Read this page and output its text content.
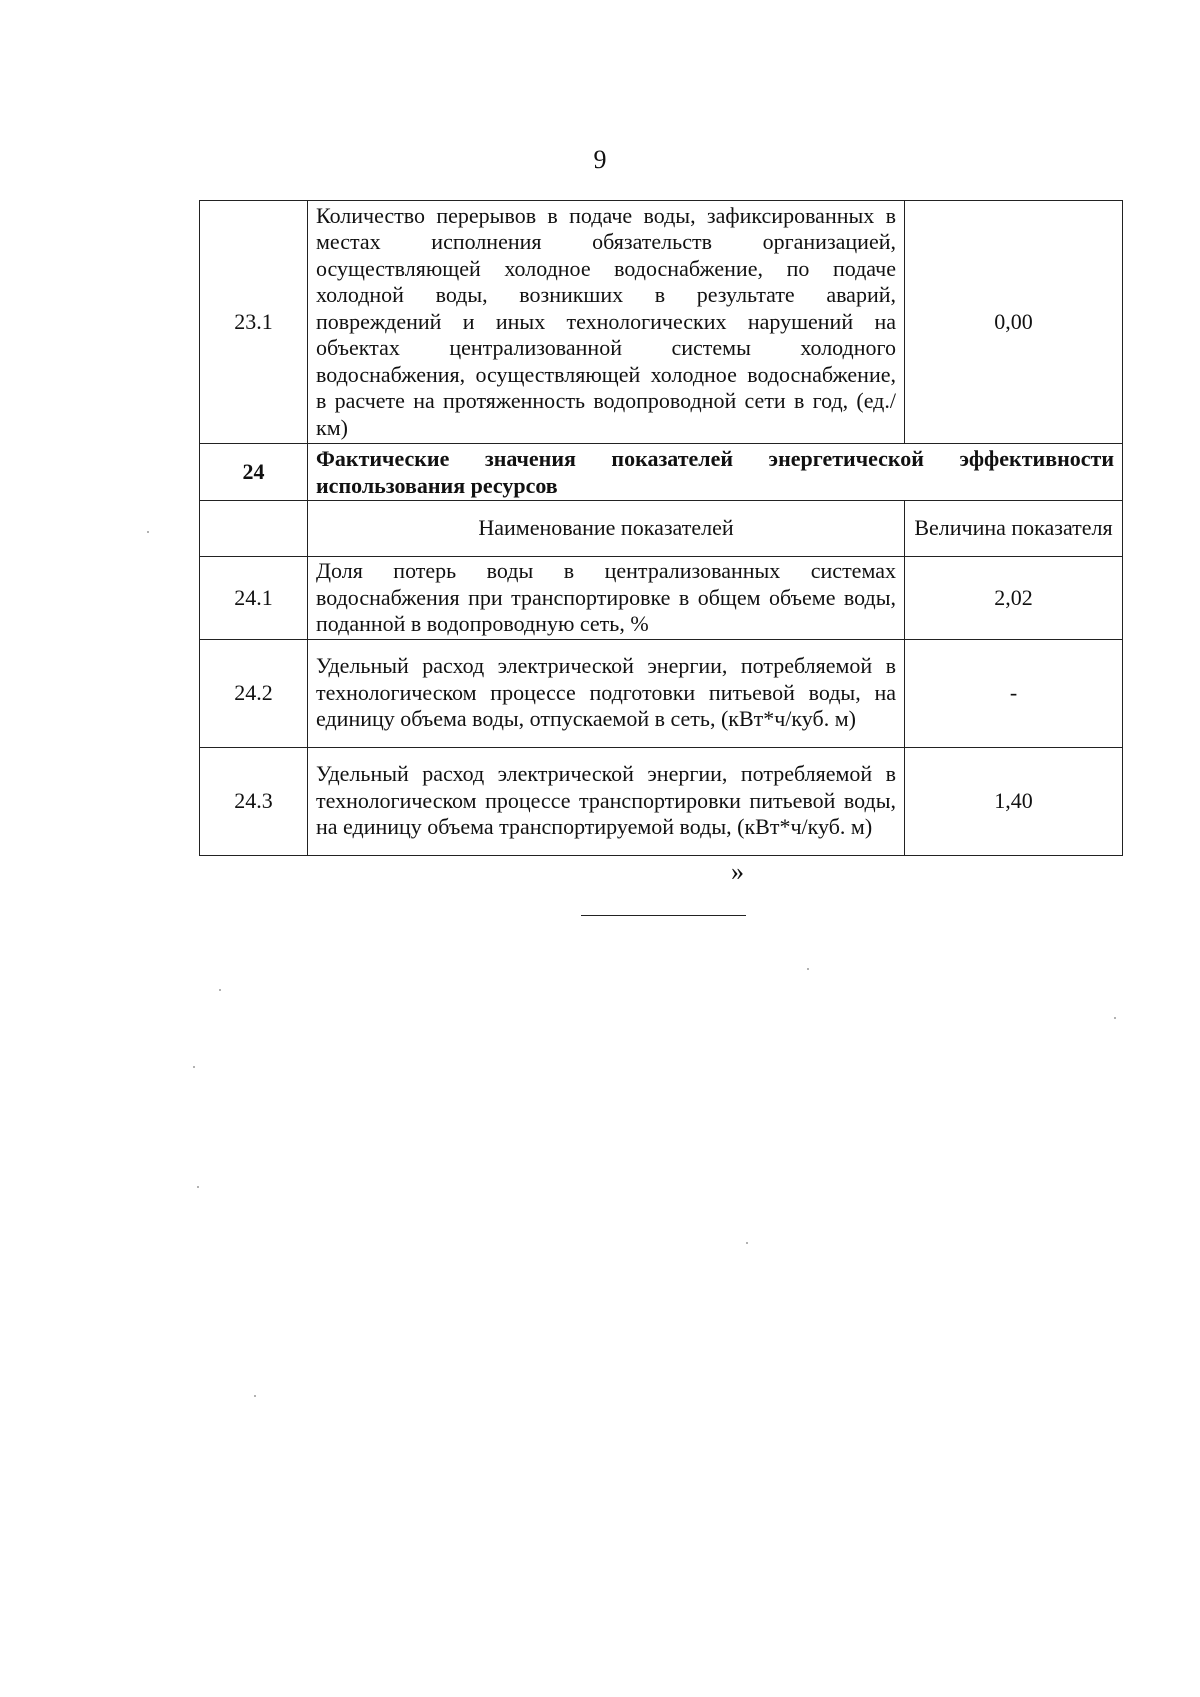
9
23.1	Количество перерывов в подаче воды, зафиксированных в местах исполнения обязательств организацией, осуществляющей холодное водоснабжение, по подаче холодной воды, возникших в результате аварий, повреждений и иных технологических нарушений на объектах централизованной системы холодного водоснабжения, осуществляющей холодное водоснабжение, в расчете на протяженность водопроводной сети в год, (ед./км)	0,00
24	Фактические значения показателей энергетической эффективности использования ресурсов	
	Наименование показателей	Величина показателя
24.1	Доля потерь воды в централизованных системах водоснабжения при транспортировке в общем объеме воды, поданной в водопроводную сеть, %	2,02
24.2	Удельный расход электрической энергии, потребляемой в технологическом процессе подготовки питьевой воды, на единицу объема воды, отпускаемой в сеть, (кВт*ч/куб. м)	-
24.3	Удельный расход электрической энергии, потребляемой в технологическом процессе транспортировки питьевой воды, на единицу объема транспортируемой воды, (кВт*ч/куб. м)	1,40
»
